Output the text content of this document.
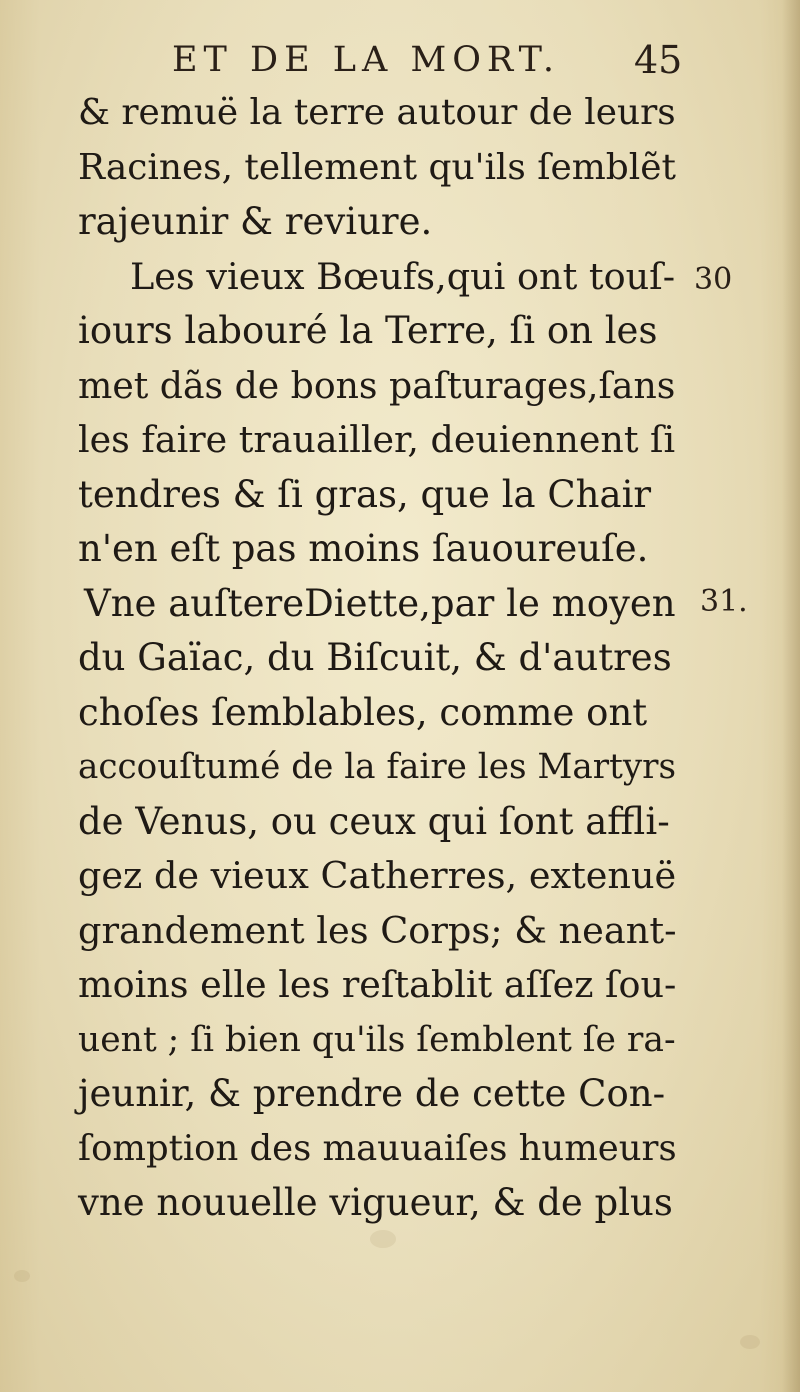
ET DE LA MORT. 45
& remuë la terre autour de leurs
Racines, tellement qu'ils ſemblẽt
rajeunir & reviure.
Les vieux Bœufs,qui ont touſ-
iours labouré la Terre, ſi on les
met dãs de bons paſturages,ſans
les faire trauailler, deuiennent ſi
tendres & ſi gras, que la Chair
n'en eſt pas moins ſauoureuſe.
Vne auſtereDiette,par le moyen
du Gaïac, du Biſcuit, & d'autres
choſes ſemblables, comme ont
accouſtumé de la faire les Martyrs
de Venus, ou ceux qui ſont affli-
gez de vieux Catherres, extenuë
grandement les Corps; & neant-
moins elle les reſtablit aſſez ſou-
uent ; ſi bien qu'ils ſemblent ſe ra-
jeunir, & prendre de cette Con-
ſomption des mauuaiſes humeurs
vne nouuelle vigueur, & de plus
30
31.
